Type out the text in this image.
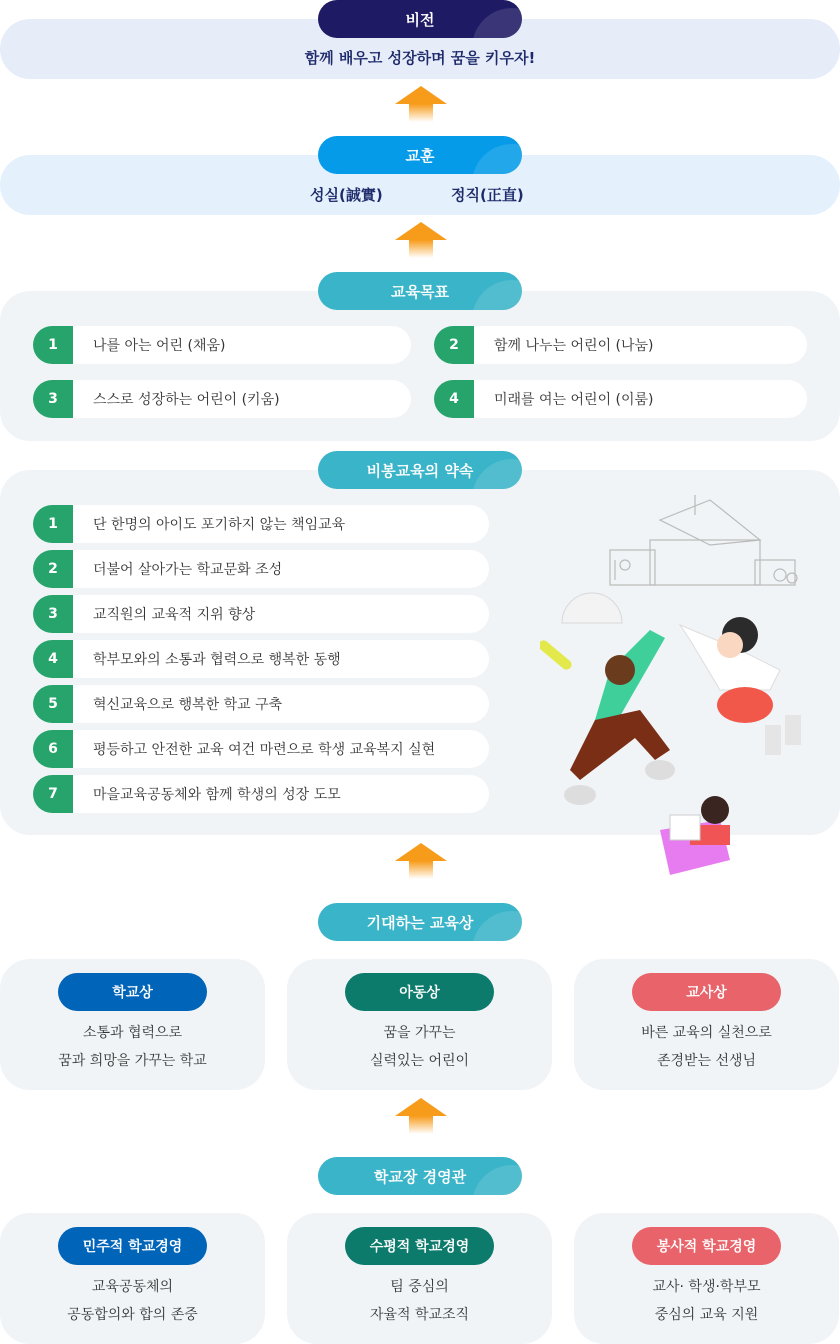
비전
함께 배우고 성장하며 꿈을 키우자!
교훈
성실(誠實)	정직(正直)
교육목표
1	나를 아는 어린 (채움)	2	함께 나누는 어린이 (나눔)
3	스스로 성장하는 어린이 (키움)	4	미래를 여는 어린이 (이룸)
비봉교육의 약속
1	단 한명의 아이도 포기하지 않는 책임교육
2	더불어 살아가는 학교문화 조성
3	교직원의 교육적 지위 향상
4	학부모와의 소통과 협력으로 행복한 동행
5	혁신교육으로 행복한 학교 구축
6	평등하고 안전한 교육 여건 마련으로 학생 교육복지 실현
7	마을교육공동체와 함께 학생의 성장 도모
기대하는 교육상
학교상
소통과 협력으로
꿈과 희망을 가꾸는 학교
아동상
꿈을 가꾸는
실력있는 어린이
교사상
바른 교육의 실천으로
존경받는 선생님
학교장 경영관
민주적 학교경영
교육공동체의
공동합의와 합의 존중
수평적 학교경영
팀 중심의
자율적 학교조직
봉사적 학교경영
교사· 학생·학부모
중심의 교육 지원
